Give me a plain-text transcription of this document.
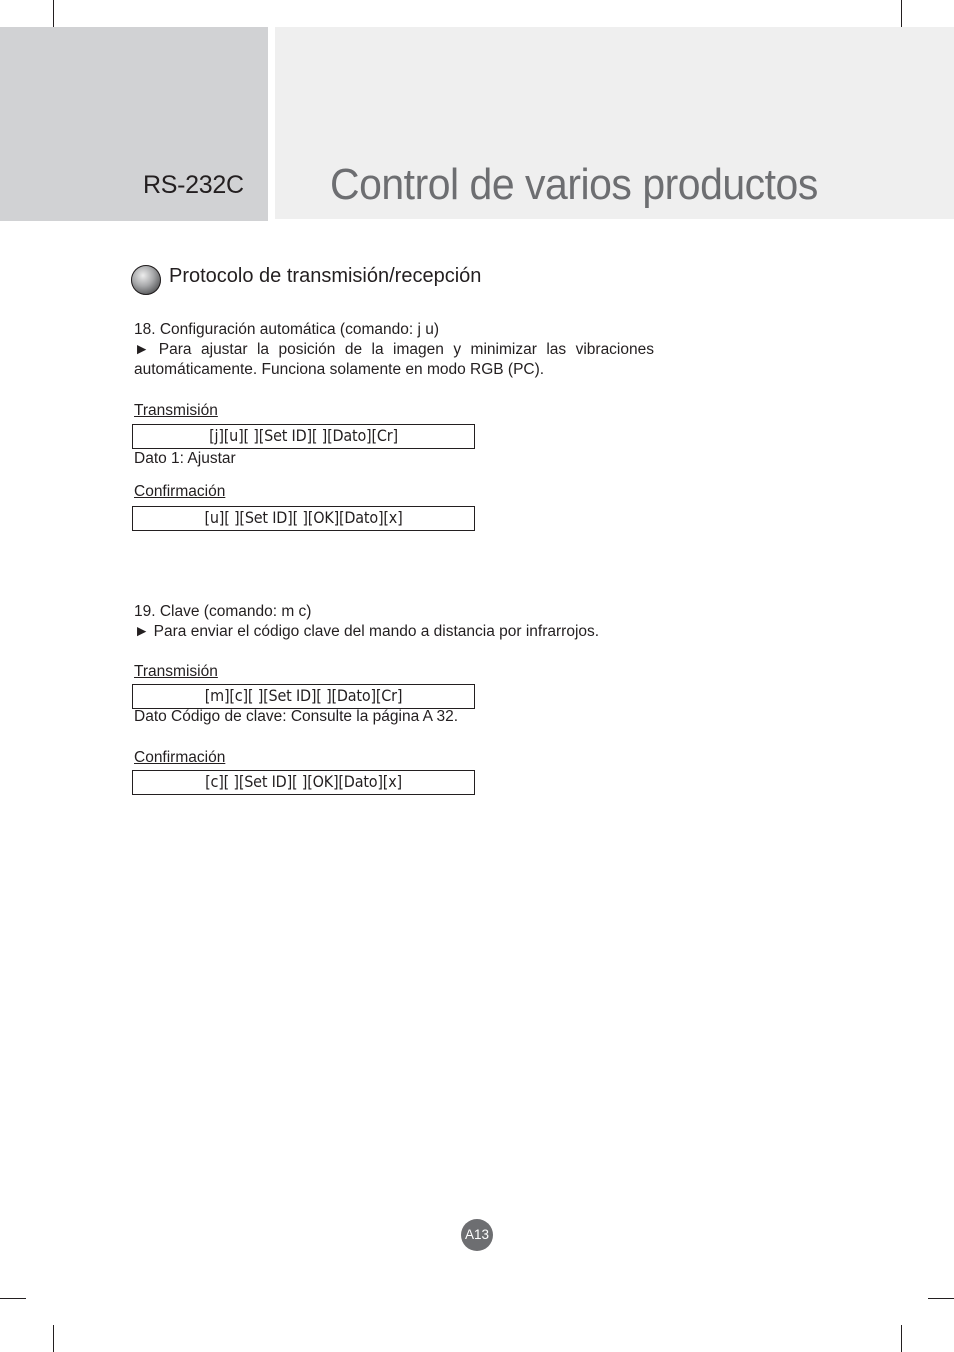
RS-232C Control de varios productos
Protocolo de transmisión/recepción
18. Configuración automática (comando: j u)
► Para ajustar la posición de la imagen y minimizar las vibraciones
automáticamente. Funciona solamente en modo RGB (PC).
Transmisión
[j][u][ ][Set ID][ ][Dato][Cr]
Dato 1: Ajustar
Confirmación
[u][ ][Set ID][ ][OK][Dato][x]
19. Clave (comando: m c)
► Para enviar el código clave del mando a distancia por infrarrojos.
Transmisión
[m][c][ ][Set ID][ ][Dato][Cr]
Dato Código de clave: Consulte la página A 32.
Confirmación
[c][ ][Set ID][ ][OK][Dato][x]
A13
